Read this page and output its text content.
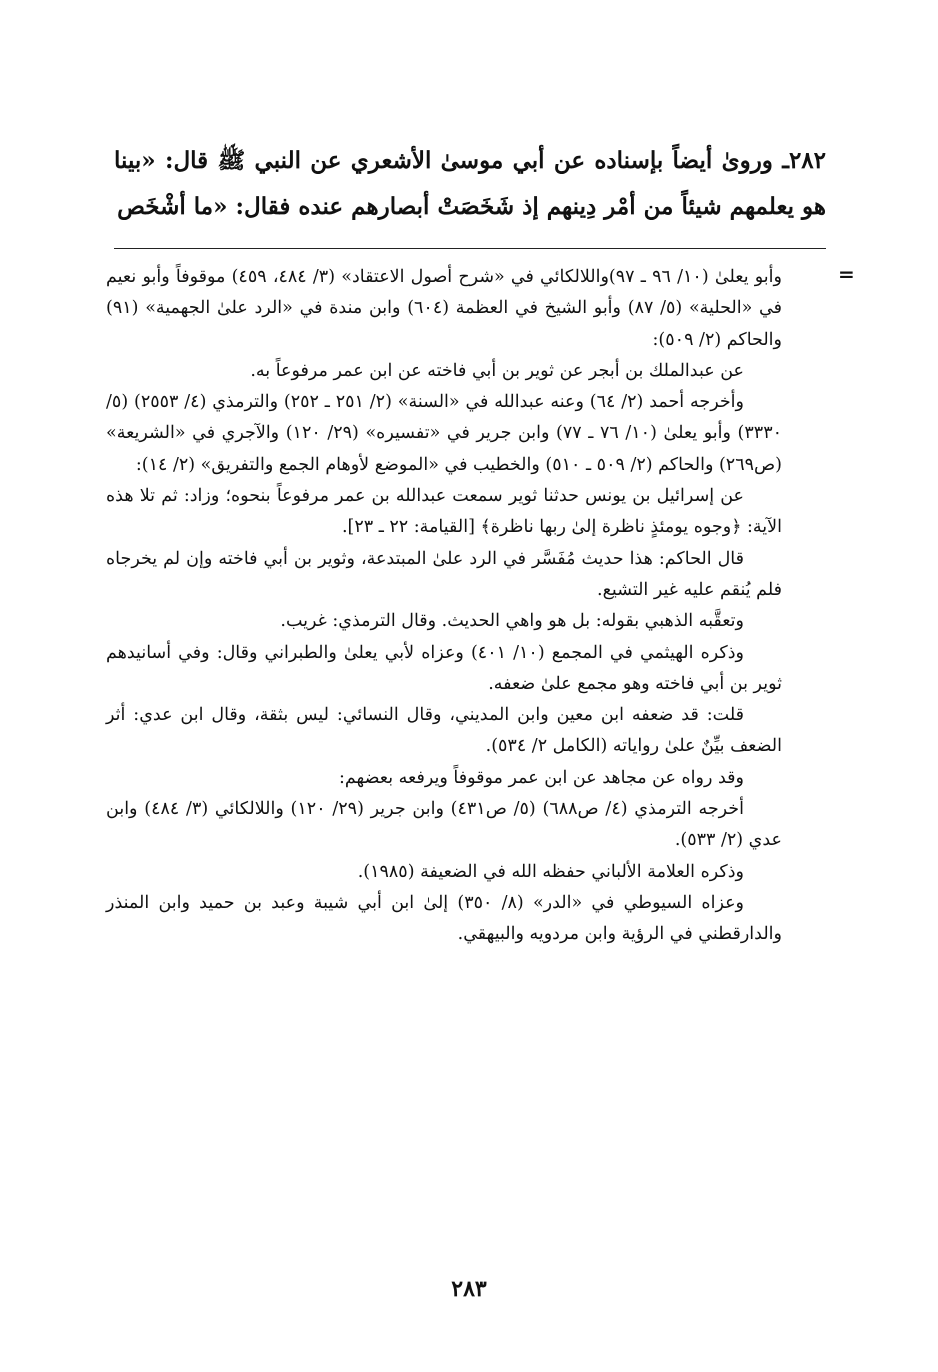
٢٨٢ـ وروىٰ أيضاً بإسناده عن أبي موسىٰ الأشعري عن النبي ﷺ قال: «بينا هو يعلمهم شيئاً من أمْر دِينهم إذ شَخَصَتْ أبصارهم عنده فقال: «ما أشْخَص

=

وأبو يعلىٰ (١٠/ ٩٦ ـ ٩٧)واللالكائي في «شرح أصول الاعتقاد» (٣/ ٤٨٤، ٤٥٩) موقوفاً وأبو نعيم في «الحلية» (٥/ ٨٧) وأبو الشيخ في العظمة (٦٠٤) وابن مندة في «الرد علىٰ الجهمية» (٩١) والحاكم (٢/ ٥٠٩):

عن عبدالملك بن أبجر عن ثوير بن أبي فاخته عن ابن عمر مرفوعاً به.

وأخرجه أحمد (٢/ ٦٤) وعنه عبدالله في «السنة» (٢/ ٢٥١ ـ ٢٥٢) والترمذي (٤/ ٢٥٥٣) (٥/ ٣٣٣٠) وأبو يعلىٰ (١٠/ ٧٦ ـ ٧٧) وابن جرير في «تفسيره» (٢٩/ ١٢٠) والآجري في «الشريعة» (ص٢٦٩) والحاكم (٢/ ٥٠٩ ـ ٥١٠) والخطيب في «الموضع لأوهام الجمع والتفريق» (٢/ ١٤):

عن إسرائيل بن يونس حدثنا ثوير سمعت عبدالله بن عمر مرفوعاً بنحوه؛ وزاد: ثم تلا هذه الآية: ﴿وجوه يومئذٍ ناظرة إلىٰ ربها ناظرة﴾ [القيامة: ٢٢ ـ ٢٣].

قال الحاكم: هذا حديث مُفَسَّر في الرد علىٰ المبتدعة، وثوير بن أبي فاخته وإن لم يخرجاه فلم يُنقم عليه غير التشيع.

وتعقَّبه الذهبي بقوله: بل هو واهي الحديث. وقال الترمذي: غريب.

وذكره الهيثمي في المجمع (١٠/ ٤٠١) وعزاه لأبي يعلىٰ والطبراني وقال: وفي أسانيدهم ثوير بن أبي فاخته وهو مجمع علىٰ ضعفه.

قلت: قد ضعفه ابن معين وابن المديني، وقال النسائي: ليس بثقة، وقال ابن عدي: أثر الضعف بيِّنٌ علىٰ رواياته (الكامل ٢/ ٥٣٤).

وقد رواه عن مجاهد عن ابن عمر موقوفاً ويرفعه بعضهم:

أخرجه الترمذي (٤/ ص٦٨٨) (٥/ ص٤٣١) وابن جرير (٢٩/ ١٢٠) واللالكائي (٣/ ٤٨٤) وابن عدي (٢/ ٥٣٣).

وذكره العلامة الألباني حفظه الله في الضعيفة (١٩٨٥).

وعزاه السيوطي في «الدر» (٨/ ٣٥٠) إلىٰ ابن أبي شيبة وعبد بن حميد وابن المنذر والدارقطني في الرؤية وابن مردويه والبيهقي.

٢٨٣
